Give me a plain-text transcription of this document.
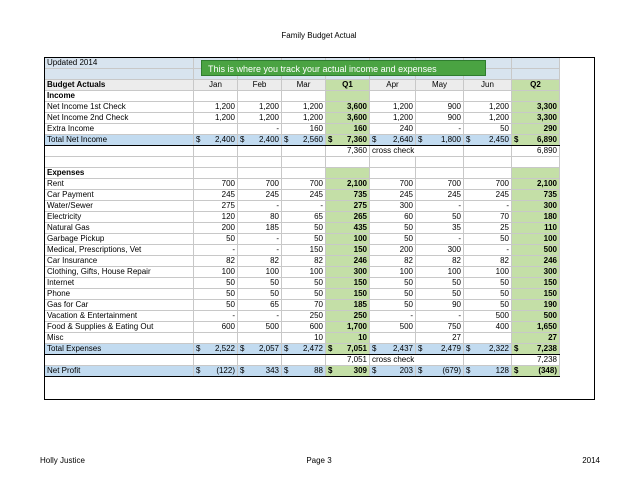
Family Budget Actual
Updated 2014								

Budget Actuals	Jan	Feb	Mar	Q1	Apr	May	Jun	Q2
Income								
Net Income 1st Check	1,200	1,200	1,200	3,600	1,200	900	1,200	3,300
Net Income 2nd Check	1,200	1,200	1,200	3,600	1,200	900	1,200	3,300
Extra Income		-	160	160	240	-	50	290
Total Net Income	$ 2,400	$ 2,400	$ 2,560	$ 7,360	$ 2,640	$ 1,800	$ 2,450	$ 6,890

				7,360	cross check			6,890

Expenses								
Rent	700	700	700	2,100	700	700	700	2,100
Car Payment	245	245	245	735	245	245	245	735
Water/Sewer	275	-	-	275	300	-	-	300
Electricity	120	80	65	265	60	50	70	180
Natural Gas	200	185	50	435	50	35	25	110
Garbage Pickup	50	-	50	100	50	-	50	100
Medical, Prescriptions, Vet	-	-	150	150	200	300	-	500
Car Insurance	82	82	82	246	82	82	82	246
Clothing, Gifts, House Repair	100	100	100	300	100	100	100	300
Internet	50	50	50	150	50	50	50	150
Phone	50	50	50	150	50	50	50	150
Gas for Car	50	65	70	185	50	90	50	190
Vacation & Entertainment	-	-	250	250	-	-	500	500
Food & Supplies & Eating Out	600	500	600	1,700	500	750	400	1,650
Misc			10	10		27		27
Total Expenses	$ 2,522	$ 2,057	$ 2,472	$ 7,051	$ 2,437	$ 2,479	$ 2,322	$ 7,238

				7,051	cross check			7,238
Net Profit	$ (122)	$ 343	$ 88	$ 309	$ 203	$ (679)	$ 128	$ (348)
This is where you track your actual income and expenses
Holly Justice	Page 3	2014
